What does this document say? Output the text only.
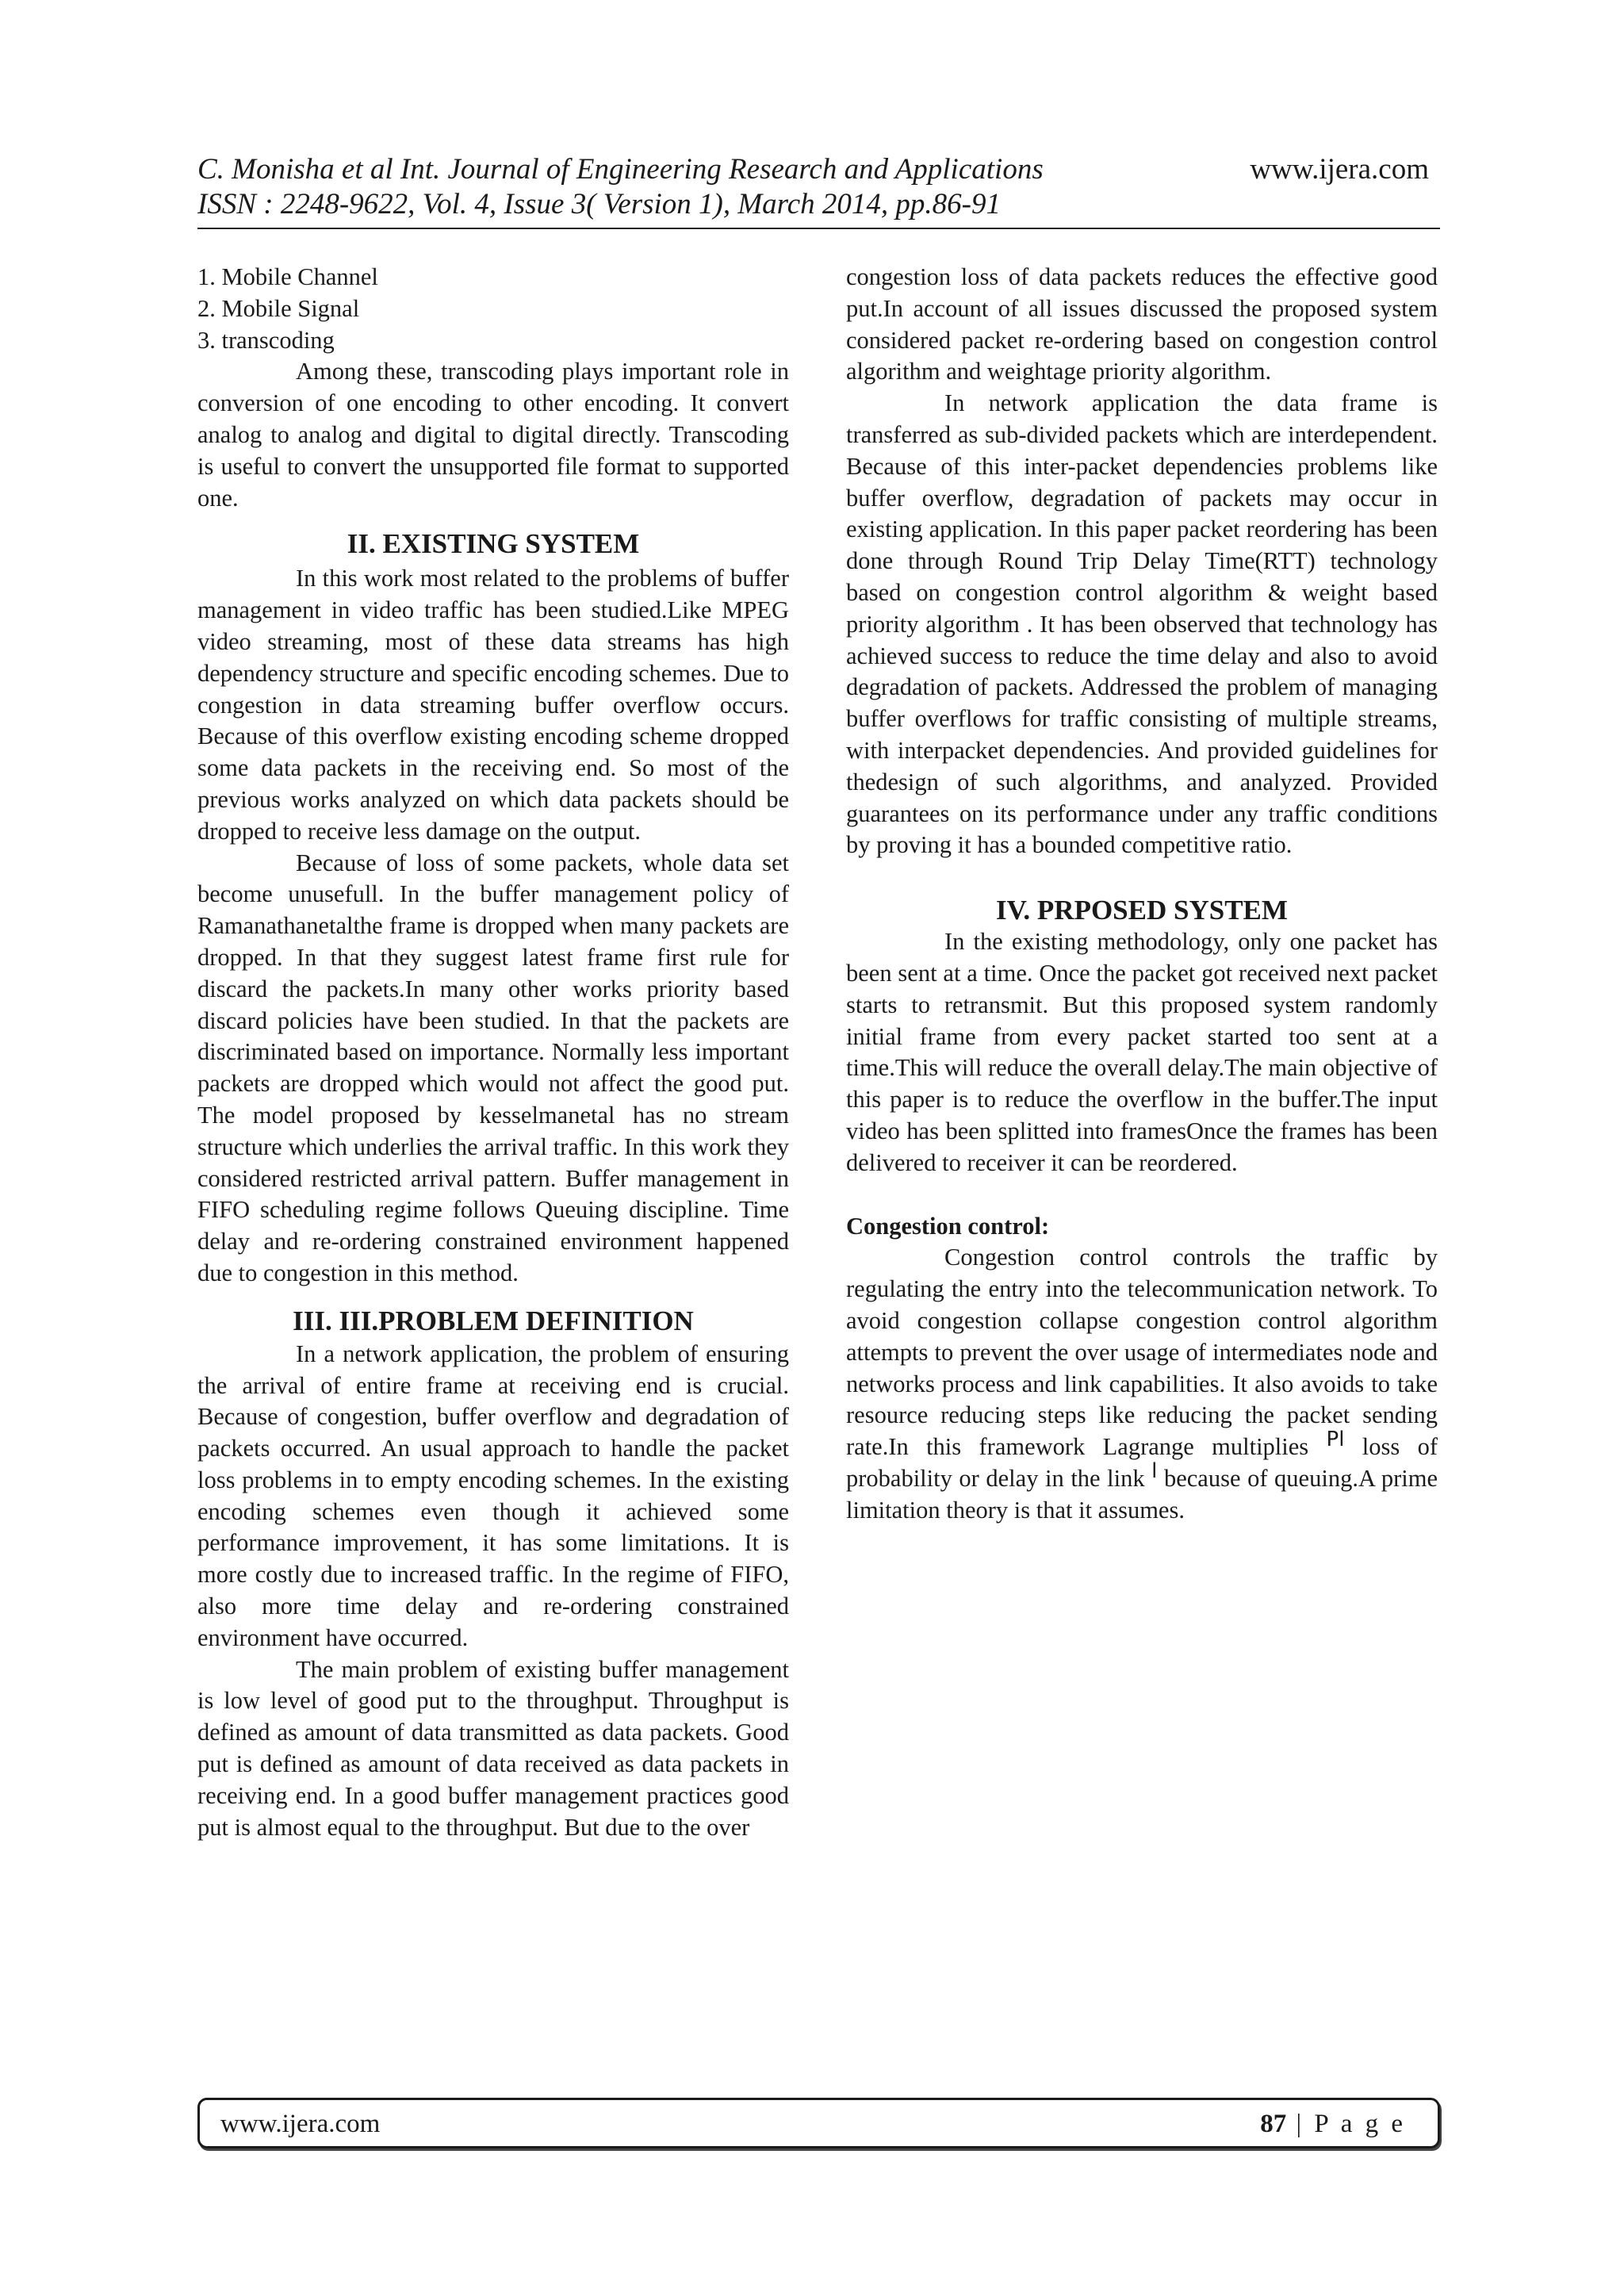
C. Monisha et al Int. Journal of Engineering Research and Applications	www.ijera.com
ISSN : 2248-9622, Vol. 4, Issue 3( Version 1), March 2014, pp.86-91

1. Mobile Channel

2. Mobile Signal

3. transcoding

Among these, transcoding plays important role in conversion of one encoding to other encoding. It convert analog to analog and digital to digital directly. Transcoding is useful to convert the unsupported file format to supported one.

II. EXISTING SYSTEM

In this work most related to the problems of buffer management in video traffic has been studied.Like MPEG video streaming, most of these data streams has high dependency structure and specific encoding schemes. Due to congestion in data streaming buffer overflow occurs. Because of this overflow existing encoding scheme dropped some data packets in the receiving end. So most of the previous works analyzed on which data packets should be dropped to receive less damage on the output.

Because of loss of some packets, whole data set become unusefull. In the buffer management policy of Ramanathanetalthe frame is dropped when many packets are dropped. In that they suggest latest frame first rule for discard the packets.In many other works priority based discard policies have been studied. In that the packets are discriminated based on importance. Normally less important packets are dropped which would not affect the good put. The model proposed by kesselmanetal has no stream structure which underlies the arrival traffic. In this work they considered restricted arrival pattern. Buffer management in FIFO scheduling regime follows Queuing discipline. Time delay and re-ordering constrained environment happened due to congestion in this method.

III. III.PROBLEM DEFINITION

In a network application, the problem of ensuring the arrival of entire frame at receiving end is crucial. Because of congestion, buffer overflow and degradation of packets occurred. An usual approach to handle the packet loss problems in to empty encoding schemes. In the existing encoding schemes even though it achieved some performance improvement, it has some limitations. It is more costly due to increased traffic. In the regime of FIFO, also more time delay and re-ordering constrained environment have occurred.

The main problem of existing buffer management is low level of good put to the throughput. Throughput is defined as amount of data transmitted as data packets. Good put is defined as amount of data received as data packets in receiving end. In a good buffer management practices good put is almost equal to the throughput. But due to the over

congestion loss of data packets reduces the effective good put.In account of all issues discussed the proposed system considered packet re-ordering based on congestion control algorithm and weightage priority algorithm.

In network application the data frame is transferred as sub-divided packets which are interdependent. Because of this inter-packet dependencies problems like buffer overflow, degradation of packets may occur in existing application. In this paper packet reordering has been done through Round Trip Delay Time(RTT) technology based on congestion control algorithm & weight based priority algorithm . It has been observed that technology has achieved success to reduce the time delay and also to avoid degradation of packets. Addressed the problem of managing buffer overflows for traffic consisting of multiple streams, with interpacket dependencies. And provided guidelines for thedesign of such algorithms, and analyzed. Provided guarantees on its performance under any traffic conditions by proving it has a bounded competitive ratio.

IV. PRPOSED SYSTEM

In the existing methodology, only one packet has been sent at a time. Once the packet got received next packet starts to retransmit. But this proposed system randomly initial frame from every packet started too sent at a time.This will reduce the overall delay.The main objective of this paper is to reduce the overflow in the buffer.The input video has been splitted into framesOnce the frames has been delivered to receiver it can be reordered.

Congestion control:

Congestion control controls the traffic by regulating the entry into the telecommunication network. To avoid congestion collapse congestion control algorithm attempts to prevent the over usage of intermediates node and networks process and link capabilities. It also avoids to take resource reducing steps like reducing the packet sending rate.In this framework Lagrange multiplies Pl loss of probability or delay in the link l because of queuing.A prime limitation theory is that it assumes.

www.ijera.com	87 | P a g e
